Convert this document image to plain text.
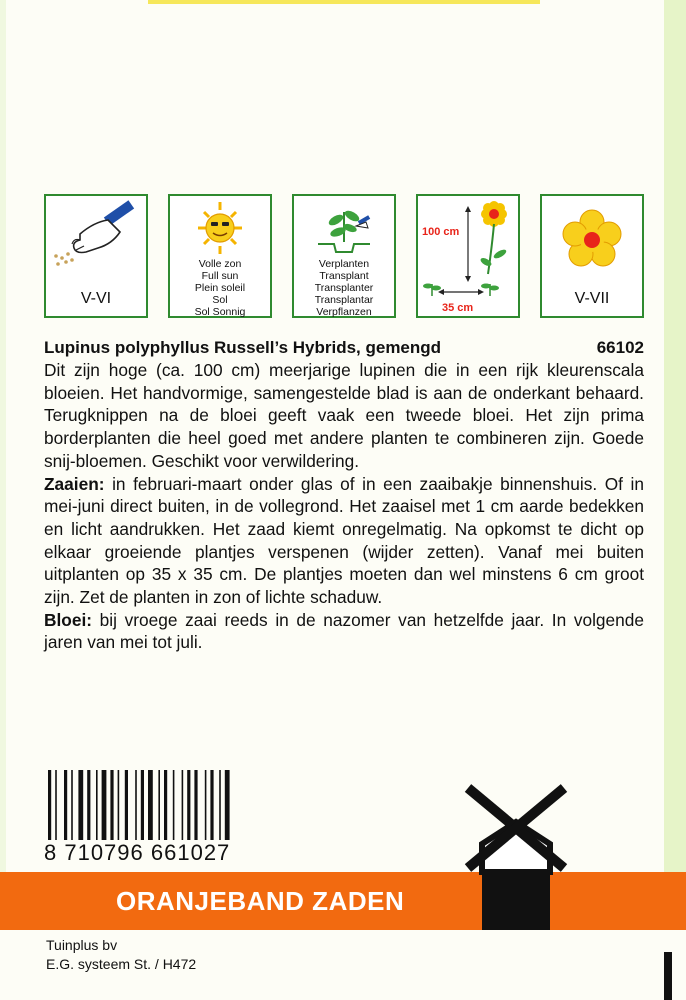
V-VI
Volle zon
Full sun
Plein soleil
Sol
Sol Sonnig
Verplanten
Transplant
Transplanter
Transplantar
Verpflanzen
100 cm
35 cm
V-VII
Lupinus polyphyllus Russell’s Hybrids, gemengd	66102

Dit zijn hoge (ca. 100 cm) meerjarige lupinen die in een rijk kleurenscala bloeien. Het handvormige, samengestelde blad is aan de onderkant behaard. Terugknippen na de bloei geeft vaak een tweede bloei. Het zijn prima borderplanten die heel goed met andere planten te combineren zijn. Goede snij-bloemen. Geschikt voor verwildering.

Zaaien: in februari-maart onder glas of in een zaaibakje binnenshuis. Of in mei-juni direct buiten, in de vollegrond. Het zaaisel met 1 cm aarde bedekken en licht aandrukken. Het zaad kiemt onregelmatig. Na opkomst te dicht op elkaar groeiende plantjes verspenen (wijder zetten). Vanaf mei buiten uitplanten op 35 x 35 cm. De plantjes moeten dan wel minstens 6 cm groot zijn. Zet de planten in zon of lichte schaduw.

Bloei: bij vroege zaai reeds in de nazomer van hetzelfde jaar. In volgende jaren van mei tot juli.

8 710796 661027
ORANJEBAND ZADEN
Tuinplus bv
E.G. systeem St. / H472
